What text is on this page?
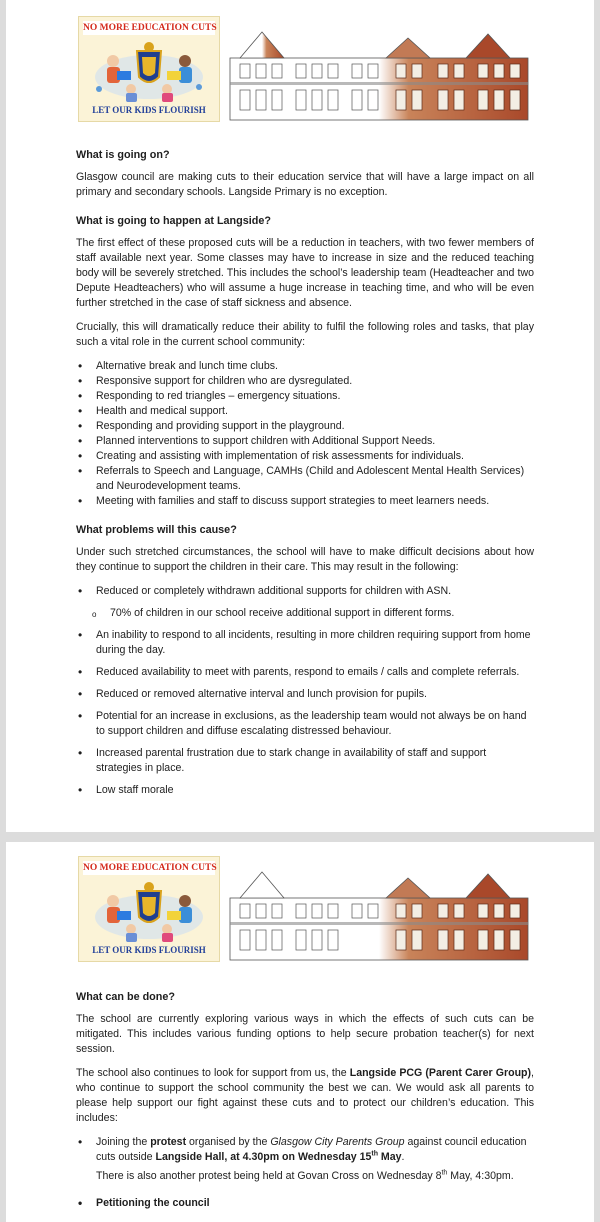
NO MORE EDUCATION CUTS
LET OUR KIDS FLOURISH
What is going on?

Glasgow council are making cuts to their education service that will have a large impact on all primary and secondary schools. Langside Primary is no exception.

What is going to happen at Langside?

The first effect of these proposed cuts will be a reduction in teachers, with two fewer members of staff available next year. Some classes may have to increase in size and the reduced teaching body will be severely stretched. This includes the school’s leadership team (Headteacher and two Depute Headteachers) who will assume a huge increase in teaching time, and who will be even further stretched in the case of staff sickness and absence.

Crucially, this will dramatically reduce their ability to fulfil the following roles and tasks, that play such a vital role in the current school community:

• Alternative break and lunch time clubs.
• Responsive support for children who are dysregulated.
• Responding to red triangles – emergency situations.
• Health and medical support.
• Responding and providing support in the playground.
• Planned interventions to support children with Additional Support Needs.
• Creating and assisting with implementation of risk assessments for individuals.
• Referrals to Speech and Language, CAMHs (Child and Adolescent Mental Health Services) and Neurodevelopment teams.
• Meeting with families and staff to discuss support strategies to meet learners needs.
What problems will this cause?

Under such stretched circumstances, the school will have to make difficult decisions about how they continue to support the children in their care. This may result in the following:

• Reduced or completely withdrawn additional supports for children with ASN.
o 70% of children in our school receive additional support in different forms.
• An inability to respond to all incidents, resulting in more children requiring support from home during the day.
• Reduced availability to meet with parents, respond to emails / calls and complete referrals.
• Reduced or removed alternative interval and lunch provision for pupils.
• Potential for an increase in exclusions, as the leadership team would not always be on hand to support children and diffuse escalating distressed behaviour.
• Increased parental frustration due to stark change in availability of staff and support strategies in place.
• Low staff morale
NO MORE EDUCATION CUTS
LET OUR KIDS FLOURISH
What can be done?

The school are currently exploring various ways in which the effects of such cuts can be mitigated. This includes various funding options to help secure probation teacher(s) for next session.

The school also continues to look for support from us, the Langside PCG (Parent Carer Group), who continue to support the school community the best we can. We would ask all parents to please help support our fight against these cuts and to protect our children’s education. This includes:

• Joining the protest organised by the Glasgow City Parents Group against council education cuts outside Langside Hall, at 4.30pm on Wednesday 15th May.
There is also another protest being held at Govan Cross on Wednesday 8th May, 4:30pm.
• Petitioning the council
